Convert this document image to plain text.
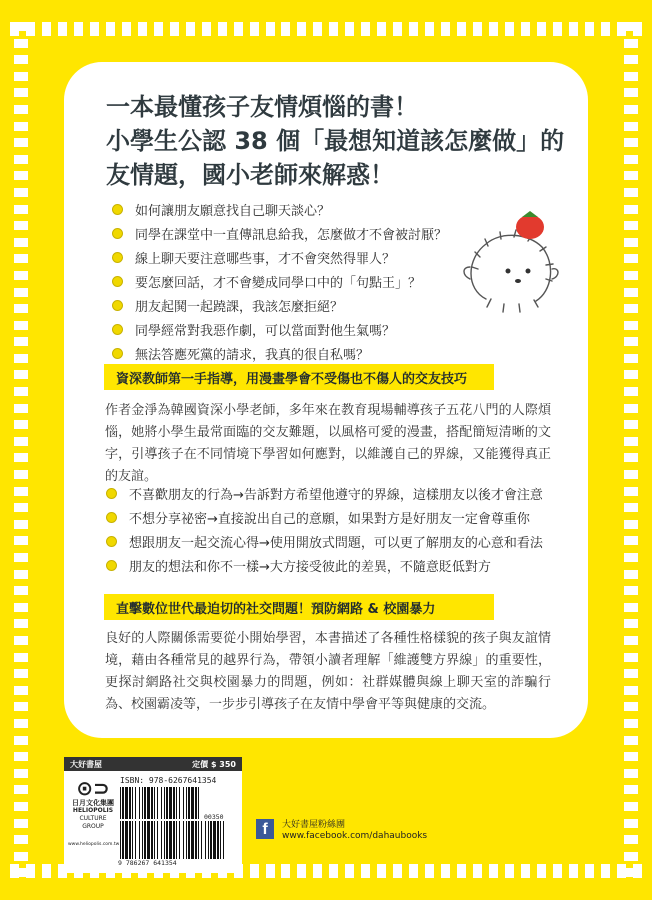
一本最懂孩子友情煩惱的書！
小學生公認 38 個「最想知道該怎麼做」的
友情題，國小老師來解惑！
如何讓朋友願意找自己聊天談心？
同學在課堂中一直傳訊息給我，怎麼做才不會被討厭？
線上聊天要注意哪些事，才不會突然得罪人？
要怎麼回話，才不會變成同學口中的「句點王」？
朋友起鬨一起蹺課，我該怎麼拒絕？
同學經常對我惡作劇，可以當面對他生氣嗎？
無法答應死黨的請求，我真的很自私嗎？
資深教師第一手指導，用漫畫學會不受傷也不傷人的交友技巧

作者金淨為韓國資深小學老師，多年來在教育現場輔導孩子五花八門的人際煩惱，她將小學生最常面臨的交友難題，以風格可愛的漫畫，搭配簡短清晰的文字，引導孩子在不同情境下學習如何應對，以維護自己的界線，又能獲得真正的友誼。

不喜歡朋友的行為→告訴對方希望他遵守的界線，這樣朋友以後才會注意
不想分享祕密→直接說出自己的意願，如果對方是好朋友一定會尊重你
想跟朋友一起交流心得→使用開放式問題，可以更了解朋友的心意和看法
朋友的想法和你不一樣→大方接受彼此的差異，不隨意貶低對方
直擊數位世代最迫切的社交問題！預防網路 & 校園暴力

良好的人際關係需要從小開始學習，本書描述了各種性格樣貌的孩子與友誼情境，藉由各種常見的越界行為，帶領小讀者理解「維護雙方界線」的重要性，更探討網路社交與校園暴力的問題，例如：社群媒體與線上聊天室的詐騙行為、校園霸凌等，一步步引導孩子在友情中學會平等與健康的交流。

大好書屋	定價 $ 350
⊙⊃
日月文化集團
HELIOPOLIS
CULTURE GROUP
www.heliopolis.com.tw
ISBN: 978-6267641354
00350
9 786267 641354
f	大好書屋粉絲團
www.facebook.com/dahaubooks
